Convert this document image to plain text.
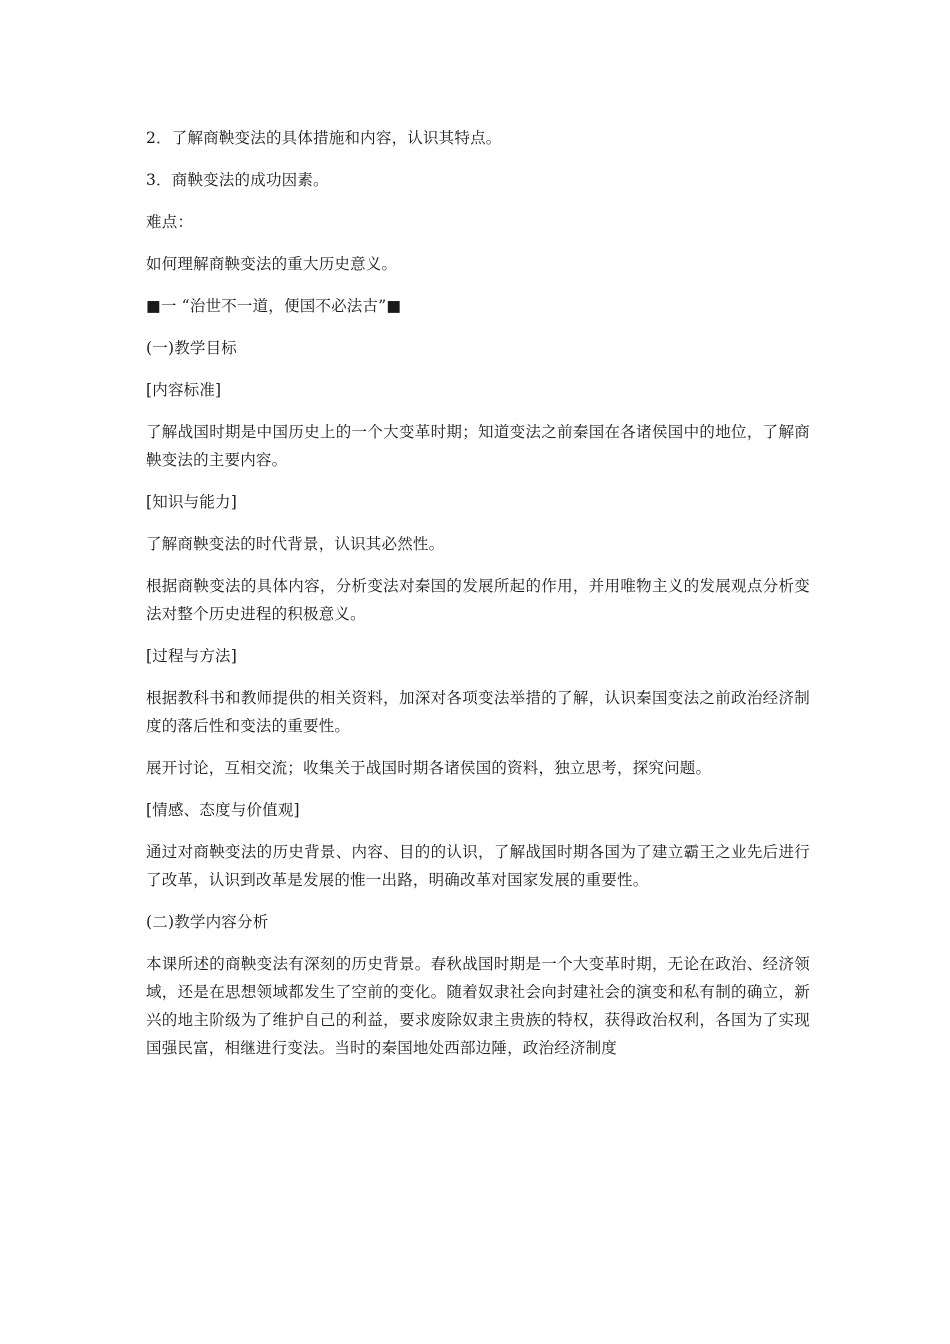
2．了解商鞅变法的具体措施和内容，认识其特点。

3．商鞅变法的成功因素。

难点：

如何理解商鞅变法的重大历史意义。

■一 “治世不一道，便国不必法古”■

(一)教学目标

[内容标准]

了解战国时期是中国历史上的一个大变革时期；知道变法之前秦国在各诸侯国中的地位，了解商鞅变法的主要内容。

[知识与能力]

了解商鞅变法的时代背景，认识其必然性。

根据商鞅变法的具体内容，分析变法对秦国的发展所起的作用，并用唯物主义的发展观点分析变法对整个历史进程的积极意义。

[过程与方法]

根据教科书和教师提供的相关资料，加深对各项变法举措的了解，认识秦国变法之前政治经济制度的落后性和变法的重要性。

展开讨论，互相交流；收集关于战国时期各诸侯国的资料，独立思考，探究问题。

[情感、态度与价值观]

通过对商鞅变法的历史背景、内容、目的的认识，了解战国时期各国为了建立霸王之业先后进行了改革，认识到改革是发展的惟一出路，明确改革对国家发展的重要性。

(二)教学内容分析

本课所述的商鞅变法有深刻的历史背景。春秋战国时期是一个大变革时期，无论在政治、经济领域，还是在思想领域都发生了空前的变化。随着奴隶社会向封建社会的演变和私有制的确立，新兴的地主阶级为了维护自己的利益，要求废除奴隶主贵族的特权，获得政治权利，各国为了实现国强民富，相继进行变法。当时的秦国地处西部边陲，政治经济制度
